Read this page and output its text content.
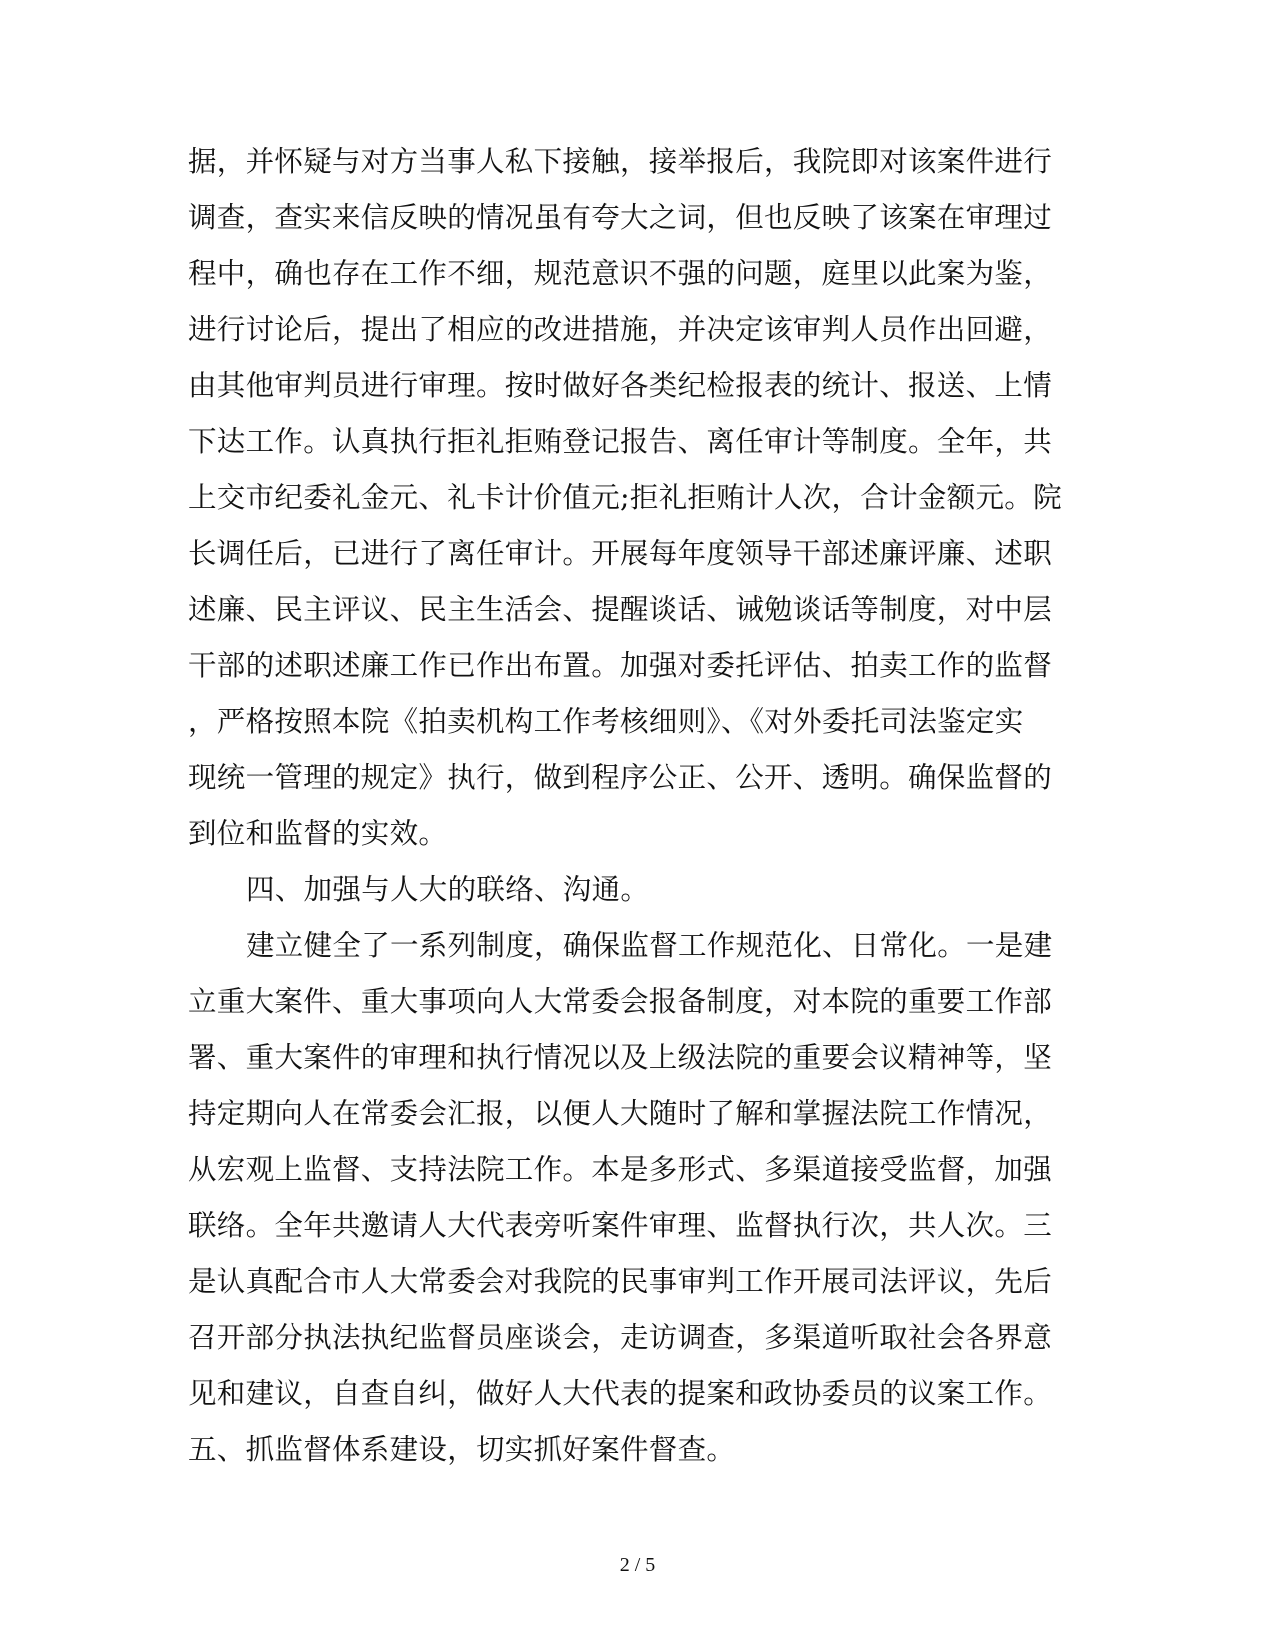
据，并怀疑与对方当事人私下接触，接举报后，我院即对该案件进行
调查，查实来信反映的情况虽有夸大之词，但也反映了该案在审理过
程中，确也存在工作不细，规范意识不强的问题，庭里以此案为鉴，
进行讨论后，提出了相应的改进措施，并决定该审判人员作出回避，
由其他审判员进行审理。按时做好各类纪检报表的统计、报送、上情
下达工作。认真执行拒礼拒贿登记报告、离任审计等制度。全年，共
上交市纪委礼金元、礼卡计价值元;拒礼拒贿计人次，合计金额元。院
长调任后，已进行了离任审计。开展每年度领导干部述廉评廉、述职
述廉、民主评议、民主生活会、提醒谈话、诫勉谈话等制度，对中层
干部的述职述廉工作已作出布置。加强对委托评估、拍卖工作的监督
，严格按照本院《拍卖机构工作考核细则》、《对外委托司法鉴定实
现统一管理的规定》执行，做到程序公正、公开、透明。确保监督的
到位和监督的实效。
四、加强与人大的联络、沟通。
建立健全了一系列制度，确保监督工作规范化、日常化。一是建
立重大案件、重大事项向人大常委会报备制度，对本院的重要工作部
署、重大案件的审理和执行情况以及上级法院的重要会议精神等，坚
持定期向人在常委会汇报，以便人大随时了解和掌握法院工作情况，
从宏观上监督、支持法院工作。本是多形式、多渠道接受监督，加强
联络。全年共邀请人大代表旁听案件审理、监督执行次，共人次。三
是认真配合市人大常委会对我院的民事审判工作开展司法评议，先后
召开部分执法执纪监督员座谈会，走访调查，多渠道听取社会各界意
见和建议，自查自纠，做好人大代表的提案和政协委员的议案工作。
五、抓监督体系建设，切实抓好案件督查。
2 / 5
